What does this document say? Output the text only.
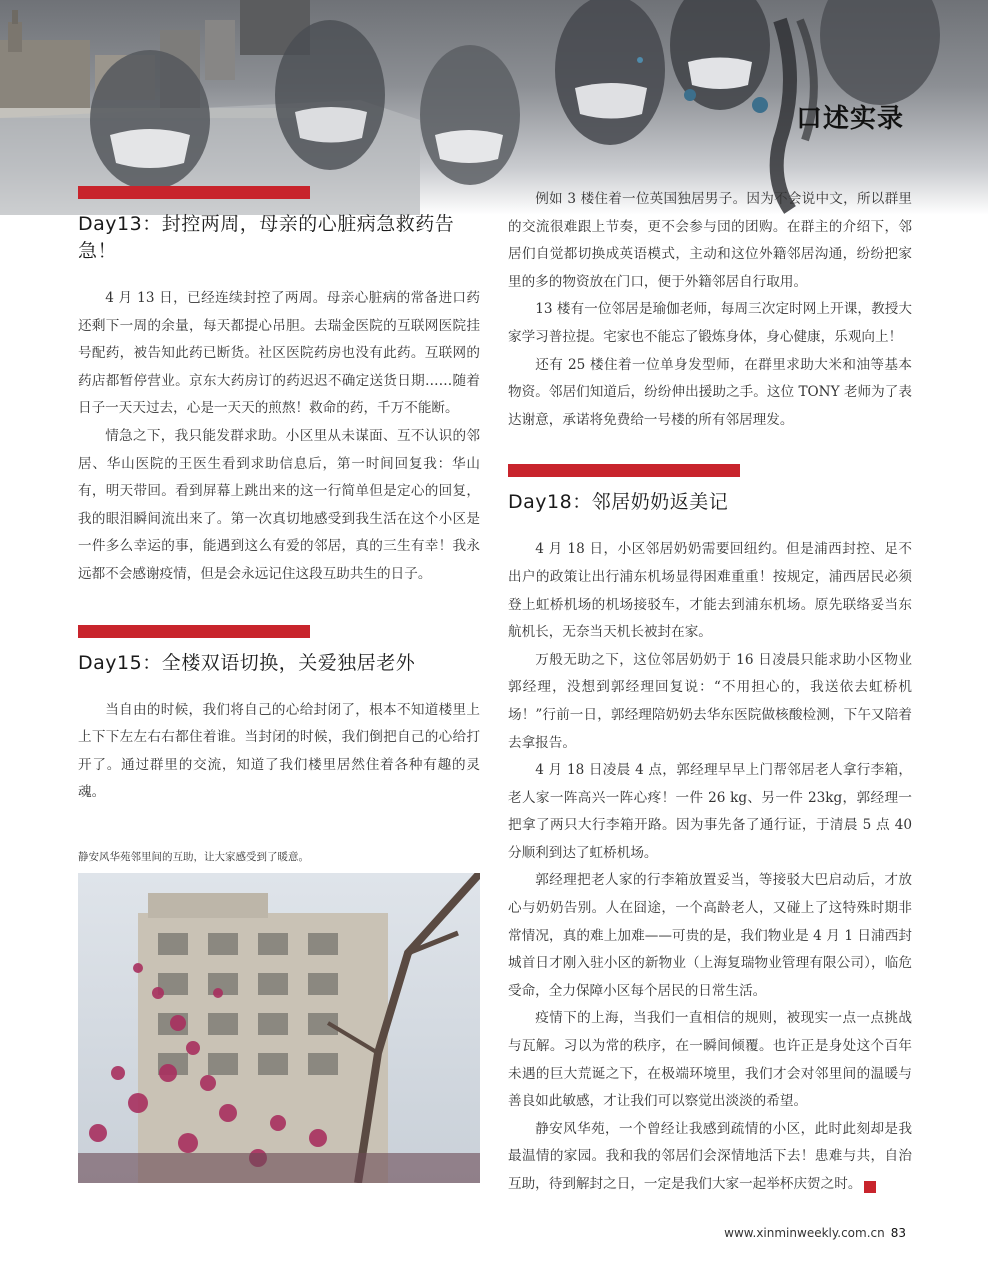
口述实录
Day13：封控两周，母亲的心脏病急救药告急！

4 月 13 日，已经连续封控了两周。母亲心脏病的常备进口药还剩下一周的余量，每天都提心吊胆。去瑞金医院的互联网医院挂号配药，被告知此药已断货。社区医院药房也没有此药。互联网的药店都暂停营业。京东大药房订的药迟迟不确定送货日期……随着日子一天天过去，心是一天天的煎熬！救命的药，千万不能断。

情急之下，我只能发群求助。小区里从未谋面、互不认识的邻居、华山医院的王医生看到求助信息后，第一时间回复我：华山有，明天带回。看到屏幕上跳出来的这一行简单但是定心的回复，我的眼泪瞬间流出来了。第一次真切地感受到我生活在这个小区是一件多么幸运的事，能遇到这么有爱的邻居，真的三生有幸！我永远都不会感谢疫情，但是会永远记住这段互助共生的日子。

Day15：全楼双语切换，关爱独居老外

当自由的时候，我们将自己的心给封闭了，根本不知道楼里上上下下左左右右都住着谁。当封闭的时候，我们倒把自己的心给打开了。通过群里的交流，知道了我们楼里居然住着各种有趣的灵魂。

静安风华苑邻里间的互助，让大家感受到了暖意。

例如 3 楼住着一位英国独居男子。因为不会说中文，所以群里的交流很难跟上节奏，更不会参与団的团购。在群主的介绍下，邻居们自觉都切换成英语模式，主动和这位外籍邻居沟通，纷纷把家里的多的物资放在门口，便于外籍邻居自行取用。

13 楼有一位邻居是瑜伽老师，每周三次定时网上开课，教授大家学习普拉提。宅家也不能忘了锻炼身体，身心健康，乐观向上！

还有 25 楼住着一位单身发型师，在群里求助大米和油等基本物资。邻居们知道后，纷纷伸出援助之手。这位 TONY 老师为了表达谢意，承诺将免费给一号楼的所有邻居理发。

Day18：邻居奶奶返美记

4 月 18 日，小区邻居奶奶需要回纽约。但是浦西封控、足不出户的政策让出行浦东机场显得困难重重！按规定，浦西居民必须登上虹桥机场的机场接驳车，才能去到浦东机场。原先联络妥当东航机长，无奈当天机长被封在家。

万般无助之下，这位邻居奶奶于 16 日凌晨只能求助小区物业郭经理，没想到郭经理回复说：“不用担心的，我送依去虹桥机场！”行前一日，郭经理陪奶奶去华东医院做核酸检测，下午又陪着去拿报告。

4 月 18 日凌晨 4 点，郭经理早早上门帮邻居老人拿行李箱，老人家一阵高兴一阵心疼！一件 26 kg、另一件 23kg，郭经理一把拿了两只大行李箱开路。因为事先备了通行证，于清晨 5 点 40 分顺利到达了虹桥机场。

郭经理把老人家的行李箱放置妥当，等接驳大巴启动后，才放心与奶奶告别。人在囧途，一个高龄老人，又碰上了这特殊时期非常情况，真的难上加难——可贵的是，我们物业是 4 月 1 日浦西封城首日才刚入驻小区的新物业（上海复瑞物业管理有限公司），临危受命，全力保障小区每个居民的日常生活。

疫情下的上海，当我们一直相信的规则，被现实一点一点挑战与瓦解。习以为常的秩序，在一瞬间倾覆。也许正是身处这个百年未遇的巨大荒诞之下，在极端环境里，我们才会对邻里间的温暖与善良如此敏感，才让我们可以察觉出淡淡的希望。

静安风华苑，一个曾经让我感到疏情的小区，此时此刻却是我最温情的家园。我和我的邻居们会深情地活下去！患难与共，自治互助，待到解封之日，一定是我们大家一起举杯庆贺之时。	民

www.xinminweekly.com.cn 83
